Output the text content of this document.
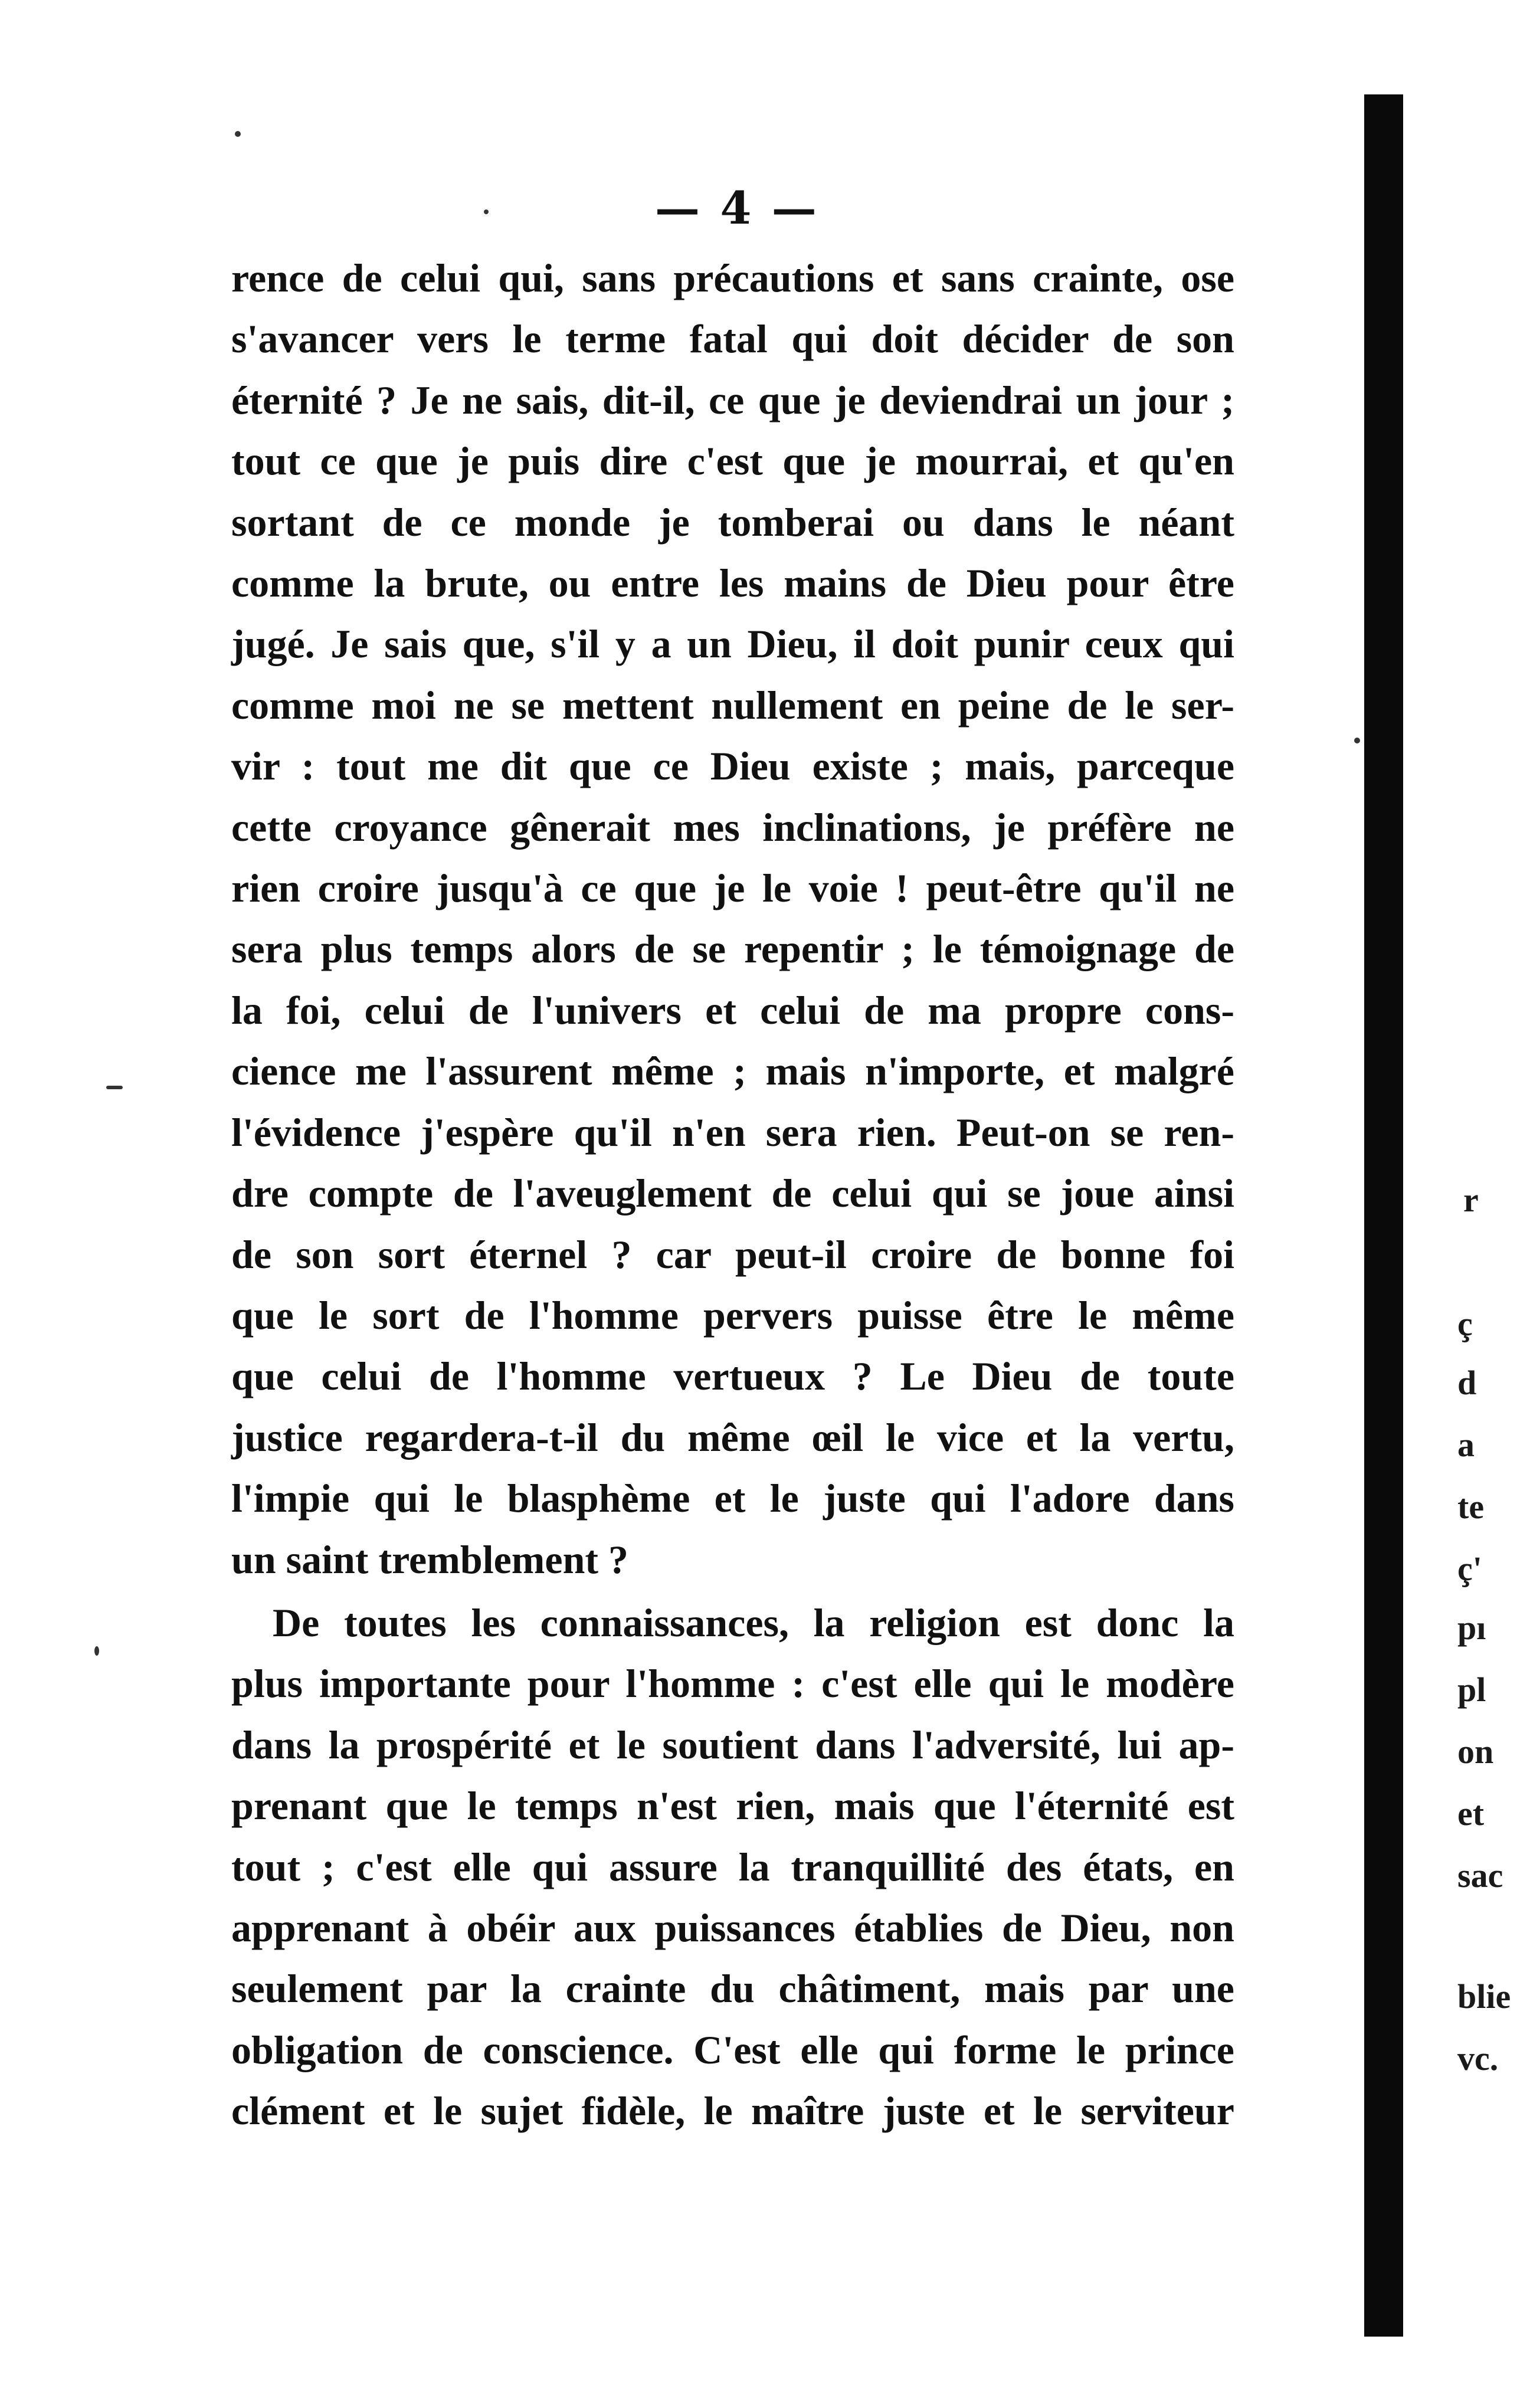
— 4 —
rence de celui qui, sans précautions et sans crainte, ose
s'avancer vers le terme fatal qui doit décider de son
éternité ? Je ne sais, dit-il, ce que je deviendrai un jour ;
tout ce que je puis dire c'est que je mourrai, et qu'en
sortant de ce monde je tomberai ou dans le néant
comme la brute, ou entre les mains de Dieu pour être
jugé. Je sais que, s'il y a un Dieu, il doit punir ceux qui
comme moi ne se mettent nullement en peine de le ser-
vir : tout me dit que ce Dieu existe ; mais, parceque
cette croyance gênerait mes inclinations, je préfère ne
rien croire jusqu'à ce que je le voie ! peut-être qu'il ne
sera plus temps alors de se repentir ; le témoignage de
la foi, celui de l'univers et celui de ma propre cons-
cience me l'assurent même ; mais n'importe, et malgré
l'évidence j'espère qu'il n'en sera rien. Peut-on se ren-
dre compte de l'aveuglement de celui qui se joue ainsi
de son sort éternel ? car peut-il croire de bonne foi
que le sort de l'homme pervers puisse être le même
que celui de l'homme vertueux ? Le Dieu de toute
justice regardera-t-il du même œil le vice et la vertu,
l'impie qui le blasphème et le juste qui l'adore dans
un saint tremblement ?
De toutes les connaissances, la religion est donc la
plus importante pour l'homme : c'est elle qui le modère
dans la prospérité et le soutient dans l'adversité, lui ap-
prenant que le temps n'est rien, mais que l'éternité est
tout ; c'est elle qui assure la tranquillité des états, en
apprenant à obéir aux puissances établies de Dieu, non
seulement par la crainte du châtiment, mais par une
obligation de conscience. C'est elle qui forme le prince
clément et le sujet fidèle, le maître juste et le serviteur
r
ç
d
a
te
ç'
pı
pl
on
et
sac
blie
vc.
